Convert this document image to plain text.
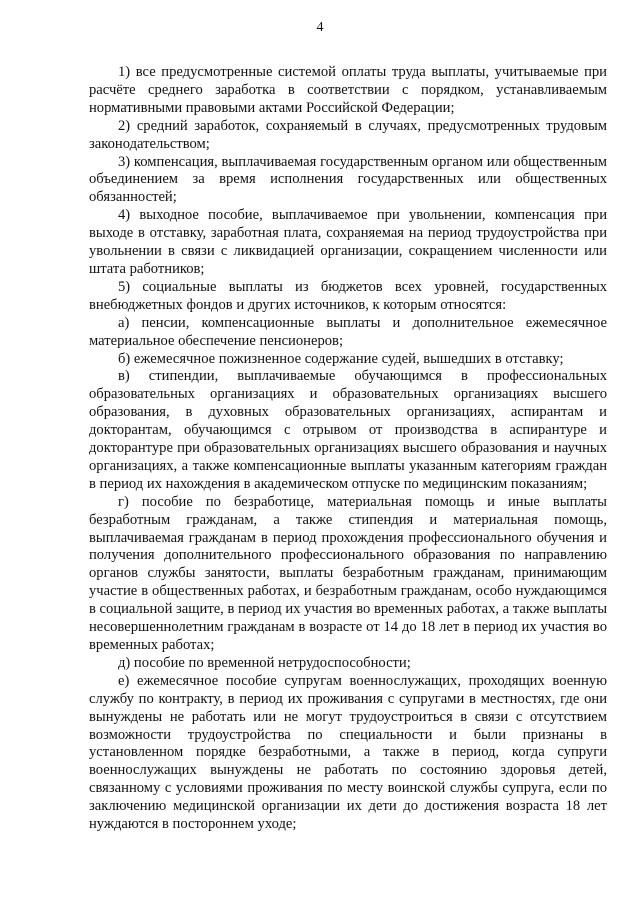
4

1) все предусмотренные системой оплаты труда выплаты, учитываемые при расчёте среднего заработка в соответствии с порядком, устанавливаемым нормативными правовыми актами Российской Федерации;

2) средний заработок, сохраняемый в случаях, предусмотренных трудовым законодательством;

3) компенсация, выплачиваемая государственным органом или общественным объединением за время исполнения государственных или общественных обязанностей;

4) выходное пособие, выплачиваемое при увольнении, компенсация при выходе в отставку, заработная плата, сохраняемая на период трудоустройства при увольнении в связи с ликвидацией организации, сокращением численности или штата работников;

5) социальные выплаты из бюджетов всех уровней, государственных внебюджетных фондов и других источников, к которым относятся:

а) пенсии, компенсационные выплаты и дополнительное ежемесячное материальное обеспечение пенсионеров;

б) ежемесячное пожизненное содержание судей, вышедших в отставку;

в) стипендии, выплачиваемые обучающимся в профессиональных образовательных организациях и образовательных организациях высшего образования, в духовных образовательных организациях, аспирантам и докторантам, обучающимся с отрывом от производства в аспирантуре и докторантуре при образовательных организациях высшего образования и научных организациях, а также компенсационные выплаты указанным категориям граждан в период их нахождения в академическом отпуске по медицинским показаниям;

г) пособие по безработице, материальная помощь и иные выплаты безработным гражданам, а также стипендия и материальная помощь, выплачиваемая гражданам в период прохождения профессионального обучения и получения дополнительного профессионального образования по направлению органов службы занятости, выплаты безработным гражданам, принимающим участие в общественных работах, и безработным гражданам, особо нуждающимся в социальной защите, в период их участия во временных работах, а также выплаты несовершеннолетним гражданам в возрасте от 14 до 18 лет в период их участия во временных работах;

д) пособие по временной нетрудоспособности;

е) ежемесячное пособие супругам военнослужащих, проходящих военную службу по контракту, в период их проживания с супругами в местностях, где они вынуждены не работать или не могут трудоустроиться в связи с отсутствием возможности трудоустройства по специальности и были признаны в установленном порядке безработными, а также в период, когда супруги военнослужащих вынуждены не работать по состоянию здоровья детей, связанному с условиями проживания по месту воинской службы супруга, если по заключению медицинской организации их дети до достижения возраста 18 лет нуждаются в постороннем уходе;
